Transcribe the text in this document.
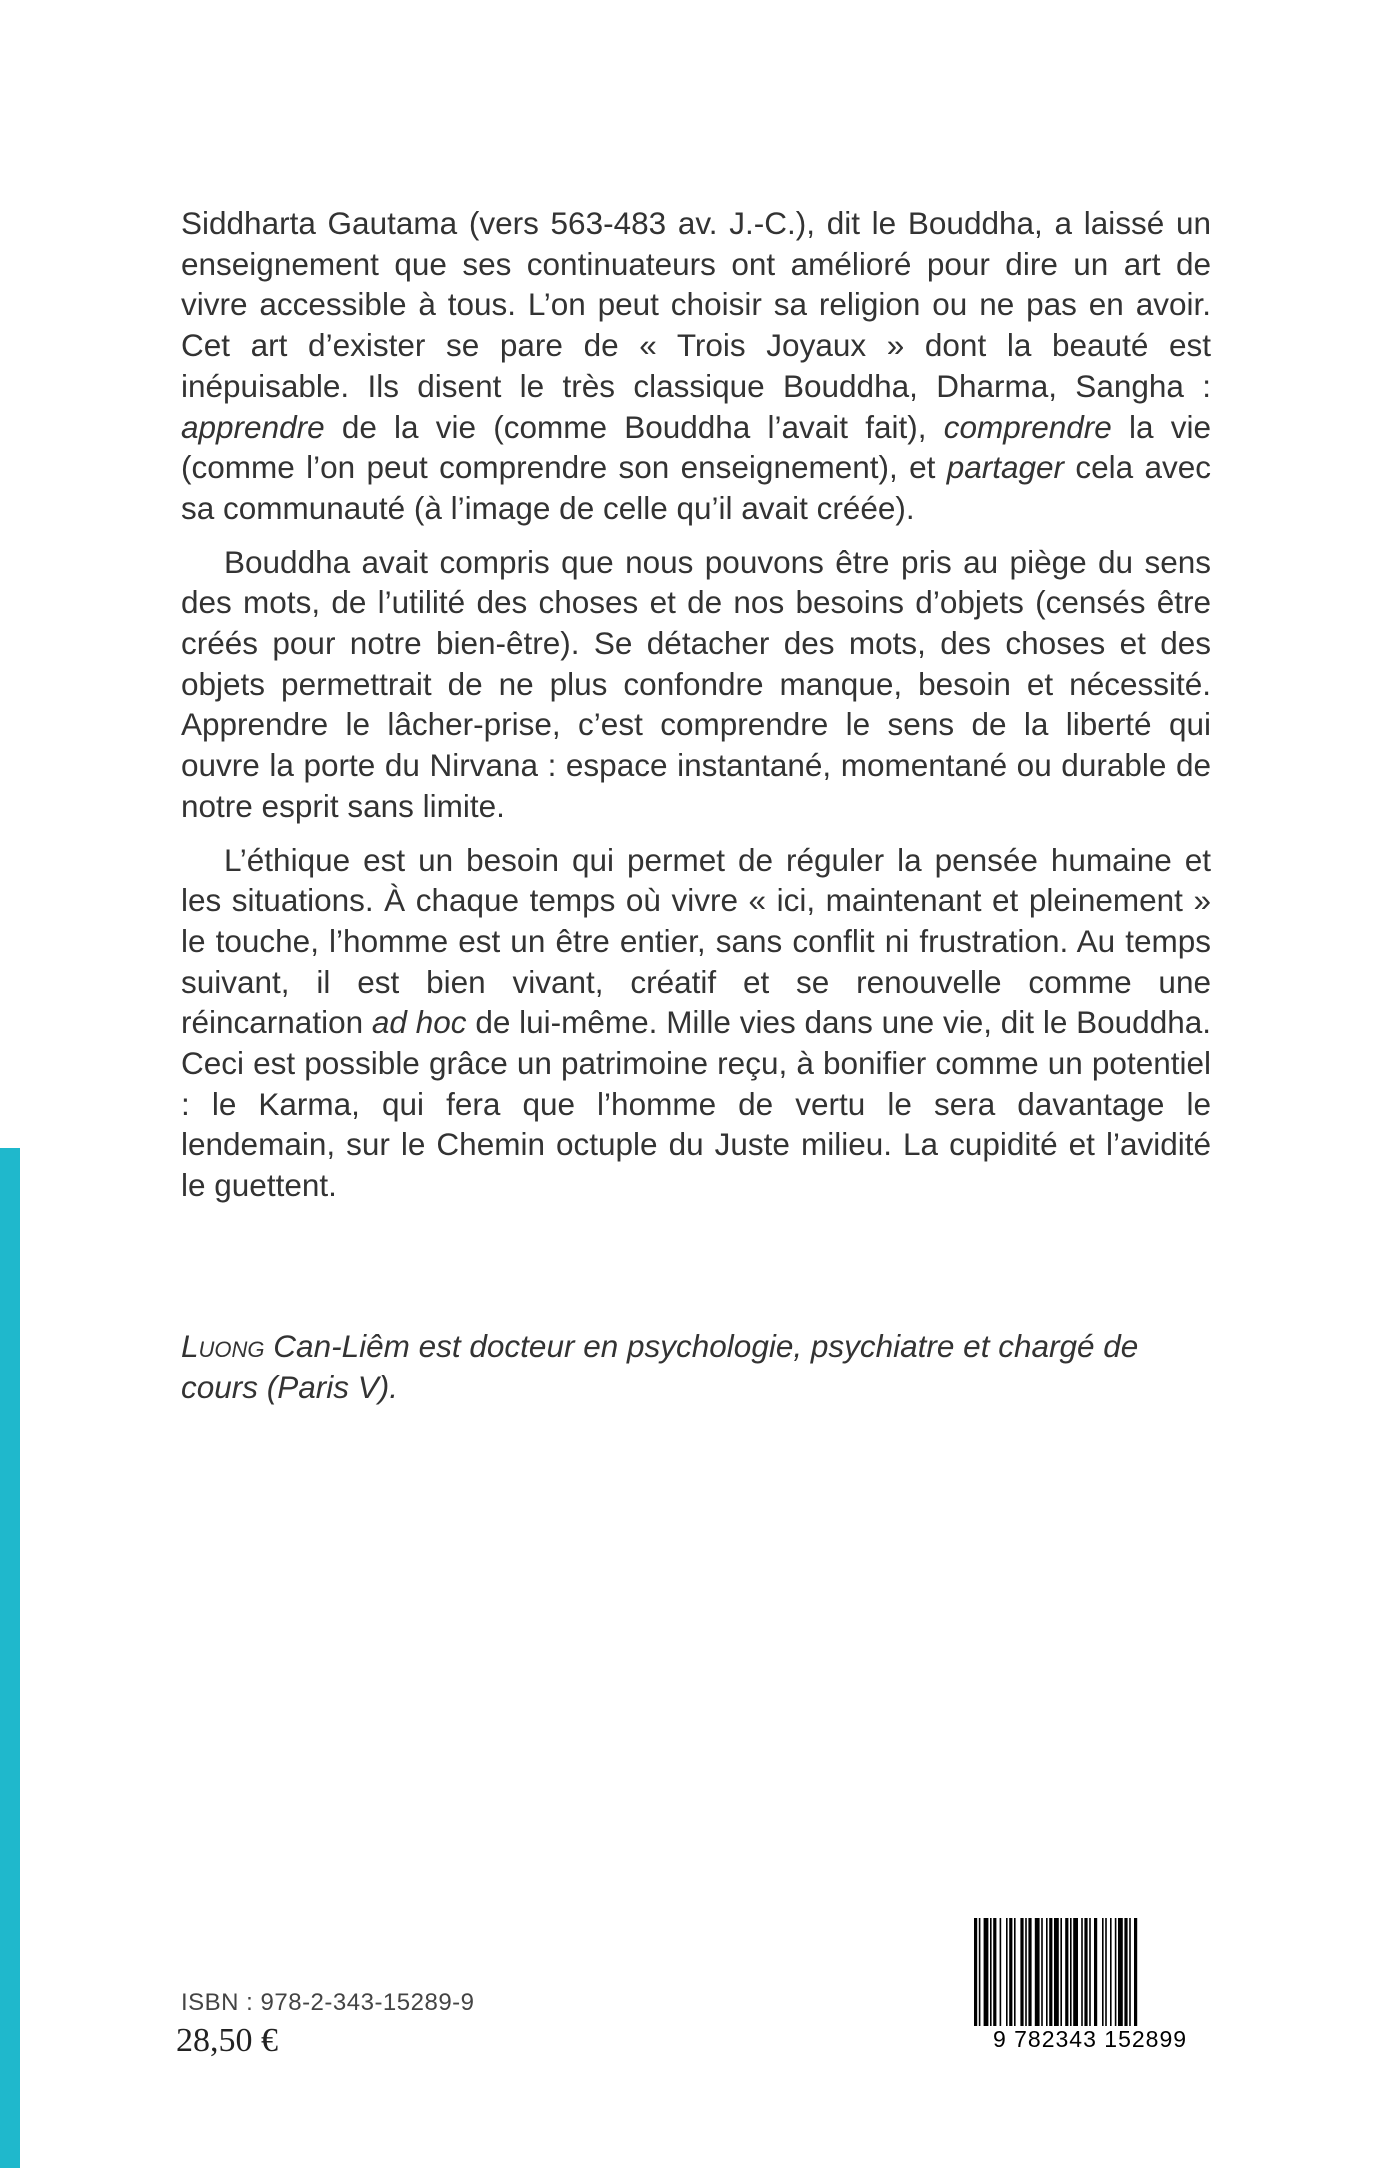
Siddharta Gautama (vers 563-483 av. J.-C.), dit le Bouddha, a laissé un enseignement que ses continuateurs ont amélioré pour dire un art de vivre accessible à tous. L’on peut choisir sa religion ou ne pas en avoir. Cet art d’exister se pare de « Trois Joyaux » dont la beauté est inépuisable. Ils disent le très classique Bouddha, Dharma, Sangha : apprendre de la vie (comme Bouddha l’avait fait), comprendre la vie (comme l’on peut comprendre son enseignement), et partager cela avec sa communauté (à l’image de celle qu’il avait créée).

Bouddha avait compris que nous pouvons être pris au piège du sens des mots, de l’utilité des choses et de nos besoins d’objets (censés être créés pour notre bien-être). Se détacher des mots, des choses et des objets permettrait de ne plus confondre manque, besoin et nécessité. Apprendre le lâcher-prise, c’est comprendre le sens de la liberté qui ouvre la porte du Nirvana : espace instantané, momentané ou durable de notre esprit sans limite.

L’éthique est un besoin qui permet de réguler la pensée humaine et les situations. À chaque temps où vivre « ici, maintenant et pleinement » le touche, l’homme est un être entier, sans conflit ni frustration. Au temps suivant, il est bien vivant, créatif et se renouvelle comme une réincarnation ad hoc de lui-même. Mille vies dans une vie, dit le Bouddha. Ceci est possible grâce un patrimoine reçu, à bonifier comme un potentiel : le Karma, qui fera que l’homme de vertu le sera davantage le lendemain, sur le Chemin octuple du Juste milieu. La cupidité et l’avidité le guettent.

Luong Can-Liêm est docteur en psychologie, psychiatre et chargé de cours (Paris V).
ISBN : 978-2-343-15289-9
28,50 €	9 782343 152899
